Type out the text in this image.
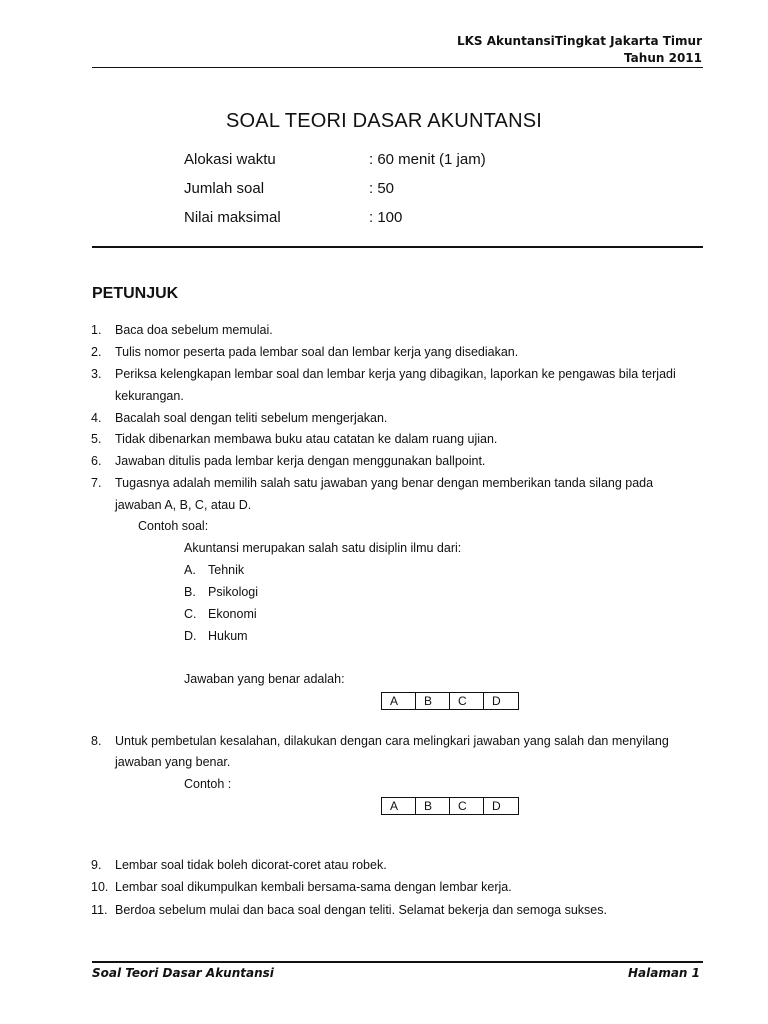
LKS AkuntansiTingkat Jakarta Timur
Tahun 2011
SOAL TEORI DASAR AKUNTANSI
Alokasi waktu	: 60 menit (1 jam)
Jumlah soal	: 50
Nilai maksimal	: 100
PETUNJUK
1.	Baca doa sebelum memulai.
2.	Tulis nomor peserta pada lembar soal dan lembar kerja yang disediakan.
3.	Periksa kelengkapan lembar soal dan lembar kerja yang dibagikan, laporkan ke pengawas bila terjadi
kekurangan.
4.	Bacalah soal dengan teliti sebelum mengerjakan.
5.	Tidak dibenarkan membawa buku atau catatan ke dalam ruang ujian.
6.	Jawaban ditulis pada lembar kerja dengan menggunakan ballpoint.
7.	Tugasnya adalah memilih salah satu jawaban yang benar dengan memberikan tanda silang pada
jawaban A, B, C, atau D.
Contoh soal:
Akuntansi merupakan salah satu disiplin ilmu dari:
A. Tehnik
B. Psikologi
C. Ekonomi
D. Hukum
Jawaban yang benar adalah:
A	B	C	D
8.	Untuk pembetulan kesalahan, dilakukan dengan cara melingkari jawaban yang salah dan menyilang
jawaban yang benar.
Contoh :
A	B	C	D
9.	Lembar soal tidak boleh dicorat-coret atau robek.
10. Lembar soal dikumpulkan kembali bersama-sama dengan lembar kerja.
11. Berdoa sebelum mulai dan baca soal dengan teliti. Selamat bekerja dan semoga sukses.
Soal Teori Dasar Akuntansi	Halaman 1
